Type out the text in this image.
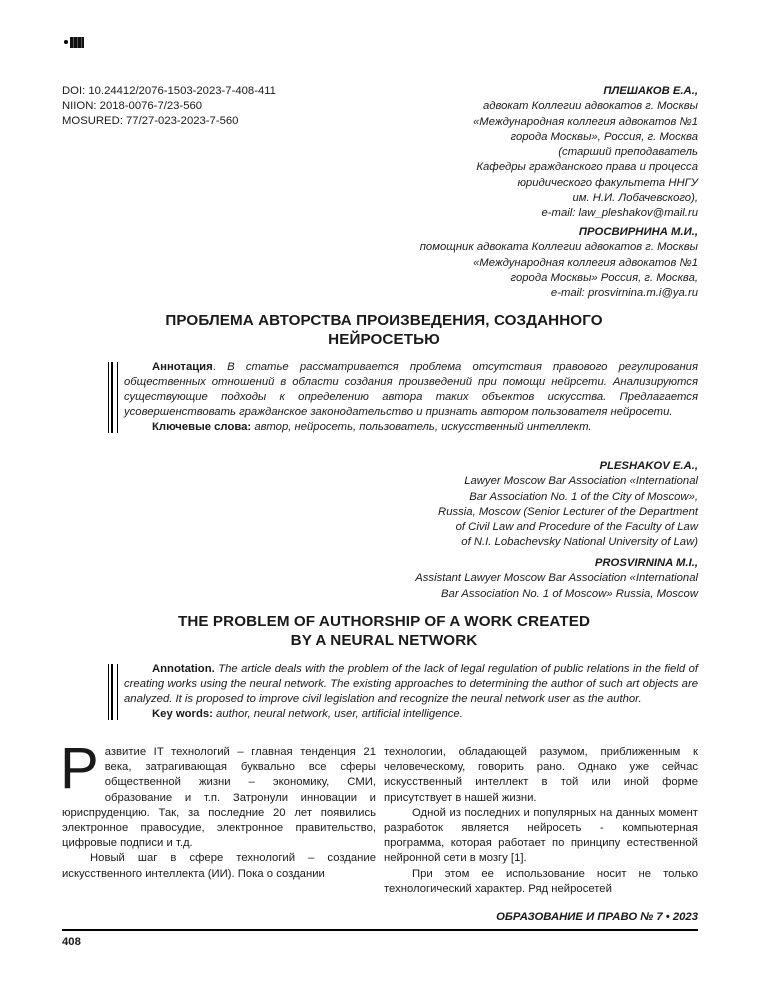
DOI: 10.24412/2076-1503-2023-7-408-411
NIION: 2018-0076-7/23-560
MOSURED: 77/27-023-2023-7-560
ПЛЕШАКОВ Е.А.,
адвокат Коллегии адвокатов г. Москвы
«Международная коллегия адвокатов №1
города Москвы», Россия, г. Москва
(старший преподаватель
Кафедры гражданского права и процесса
юридического факультета ННГУ
им. Н.И. Лобачевского),
e-mail: law_pleshakov@mail.ru
ПРОСВИРНИНА М.И.,
помощник адвоката Коллегии адвокатов г. Москвы
«Международная коллегия адвокатов №1
города Москвы» Россия, г. Москва,
e-mail: prosvirnina.m.i@ya.ru
ПРОБЛЕМА АВТОРСТВА ПРОИЗВЕДЕНИЯ, СОЗДАННОГО
НЕЙРОСЕТЬЮ

Аннотация. В статье рассматривается проблема отсутствия правового регулирования общественных отношений в области создания произведений при помощи нейрсети. Анализируются существующие подходы к определению автора таких объектов искусства. Предлагается усовершенствовать гражданское законодательство и признать автором пользователя нейросети.

Ключевые слова: автор, нейросеть, пользователь, искусственный интеллект.

PLESHAKOV E.A.,
Lawyer Moscow Bar Association «International
Bar Association No. 1 of the City of Moscow»,
Russia, Moscow (Senior Lecturer of the Department
of Civil Law and Procedure of the Faculty of Law
of N.I. Lobachevsky National University of Law)
PROSVIRNINA M.I.,
Assistant Lawyer Moscow Bar Association «International
Bar Association No. 1 of Moscow» Russia, Moscow
THE PROBLEM OF AUTHORSHIP OF A WORK CREATED
BY A NEURAL NETWORK

Annotation. The article deals with the problem of the lack of legal regulation of public relations in the field of creating works using the neural network. The existing approaches to determining the author of such art objects are analyzed. It is proposed to improve civil legislation and recognize the neural network user as the author.

Key words: author, neural network, user, artificial intelligence.

Развитие IT технологий – главная тенденция 21 века, затрагивающая буквально все сферы общественной жизни – экономику, СМИ, образование и т.п. Затронули инновации и юриспруденцию. Так, за последние 20 лет появились электронное правосудие, электронное правительство, цифровые подписи и т.д.

Новый шаг в сфере технологий – создание искусственного интеллекта (ИИ). Пока о создании

технологии, обладающей разумом, приближенным к человеческому, говорить рано. Однако уже сейчас искусственный интеллект в той или иной форме присутствует в нашей жизни.

Одной из последних и популярных на данных момент разработок является нейросеть - компьютерная программа, которая работает по принципу естественной нейронной сети в мозгу [1].

При этом ее использование носит не только технологический характер. Ряд нейросетей

ОБРАЗОВАНИЕ И ПРАВО № 7 • 2023
408
